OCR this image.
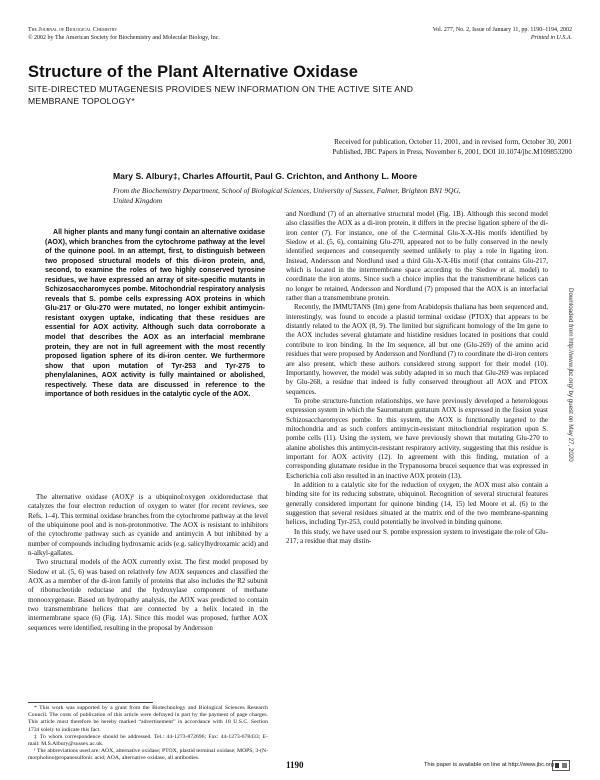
The Journal of Biological Chemistry
© 2002 by The American Society for Biochemistry and Molecular Biology, Inc.
Vol. 277, No. 2, Issue of January 11, pp. 1190–1194, 2002
Printed in U.S.A.
Structure of the Plant Alternative Oxidase
SITE-DIRECTED MUTAGENESIS PROVIDES NEW INFORMATION ON THE ACTIVE SITE AND MEMBRANE TOPOLOGY*
Received for publication, October 11, 2001, and in revised form, October 30, 2001
Published, JBC Papers in Press, November 6, 2001, DOI 10.1074/jbc.M109853200
Mary S. Albury‡, Charles Affourtit, Paul G. Crichton, and Anthony L. Moore
From the Biochemistry Department, School of Biological Sciences, University of Sussex, Falmer, Brighton BN1 9QG, United Kingdom
All higher plants and many fungi contain an alternative oxidase (AOX), which branches from the cytochrome pathway at the level of the quinone pool. In an attempt, first, to distinguish between two proposed structural models of this di-iron protein, and, second, to examine the roles of two highly conserved tyrosine residues, we have expressed an array of site-specific mutants in Schizosaccharomyces pombe. Mitochondrial respiratory analysis reveals that S. pombe cells expressing AOX proteins in which Glu-217 or Glu-270 were mutated, no longer exhibit antimycin-resistant oxygen uptake, indicating that these residues are essential for AOX activity. Although such data corroborate a model that describes the AOX as an interfacial membrane protein, they are not in full agreement with the most recently proposed ligation sphere of its di-iron center. We furthermore show that upon mutation of Tyr-253 and Tyr-275 to phenylalanines, AOX activity is fully maintained or abolished, respectively. These data are discussed in reference to the importance of both residues in the catalytic cycle of the AOX.

The alternative oxidase (AOX)¹ is a ubiquinol:oxygen oxidoreductase that catalyzes the four electron reduction of oxygen to water (for recent reviews, see Refs. 1–4). This terminal oxidase branches from the cytochrome pathway at the level of the ubiquinone pool and is non-protonmotive. The AOX is resistant to inhibitors of the cytochrome pathway such as cyanide and antimycin A but inhibited by a number of compounds including hydroxamic acids (e.g. salicylhydroxamic acid) and n-alkyl-gallates.

Two structural models of the AOX currently exist. The first model proposed by Siedow et al. (5, 6) was based on relatively few AOX sequences and classified the AOX as a member of the di-iron family of proteins that also includes the R2 subunit of ribonucleotide reductase and the hydroxylase component of methane monooxygenase. Based on hydropathy analysis, the AOX was predicted to contain two transmembrane helices that are connected by a helix located in the intermembrane space (6) (Fig. 1A). Since this model was proposed, further AOX sequences were identified, resulting in the proposal by Andersson

* This work was supported by a grant from the Biotechnology and Biological Sciences Research Council. The costs of publication of this article were defrayed in part by the payment of page charges. This article must therefore be hereby marked “advertisement” in accordance with 18 U.S.C. Section 1734 solely to indicate this fact.

‡ To whom correspondence should be addressed. Tel.: 44-1273-872696; Fax: 44-1273-678433; E-mail: M.S.Albury@sussex.ac.uk.

¹ The abbreviations used are: AOX, alternative oxidase; PTOX, plastid terminal oxidase; MOPS, 3-(N-morpholino)propanesulfonic acid; AOA, alternative oxidase, all antibodies.

and Nordlund (7) of an alternative structural model (Fig. 1B). Although this second model also classifies the AOX as a di-iron protein, it differs in the precise ligation sphere of the di-iron center (7). For instance, one of the C-terminal Glu-X-X-His motifs identified by Siedow et al. (5, 6), containing Glu-270, appeared not to be fully conserved in the newly identified sequences and consequently seemed unlikely to play a role in ligating iron. Instead, Andersson and Nordlund used a third Glu-X-X-His motif (that contains Glu-217, which is located in the intermembrane space according to the Siedow et al. model) to coordinate the iron atoms. Since such a choice implies that the transmembrane helices can no longer be retained, Andersson and Nordlund (7) proposed that the AOX is an interfacial rather than a transmembrane protein.

Recently, the IMMUTANS (Im) gene from Arabidopsis thaliana has been sequenced and, interestingly, was found to encode a plastid terminal oxidase (PTOX) that appears to be distantly related to the AOX (8, 9). The limited but significant homology of the Im gene to the AOX includes several glutamate and histidine residues located in positions that could contribute to iron binding. In the Im sequence, all but one (Glu-269) of the amino acid residues that were proposed by Andersson and Nordlund (7) to coordinate the di-iron centers are also present, which these authors considered strong support for their model (10). Importantly, however, the model was subtly adapted in so much that Glu-269 was replaced by Glu-268, a residue that indeed is fully conserved throughout all AOX and PTOX sequences.

To probe structure-function relationships, we have previously developed a heterologous expression system in which the Sauromatum guttatum AOX is expressed in the fission yeast Schizosaccharomyces pombe. In this system, the AOX is functionally targeted to the mitochondria and as such confers antimycin-resistant mitochondrial respiration upon S. pombe cells (11). Using the system, we have previously shown that mutating Glu-270 to alanine abolishes this antimycin-resistant respiratory activity, suggesting that this residue is important for AOX activity (12). In agreement with this finding, mutation of a corresponding glutamate residue in the Trypanosoma brucei sequence that was expressed in Escherichia coli also resulted in an inactive AOX protein (13).

In addition to a catalytic site for the reduction of oxygen, the AOX must also contain a binding site for its reducing substrate, ubiquinol. Recognition of several structural features generally considered important for quinone binding (14, 15) led Moore et al. (6) to the suggestion that several residues situated at the matrix end of the two membrane-spanning helices, including Tyr-253, could potentially be involved in binding quinone.

In this study, we have used our S. pombe expression system to investigate the role of Glu-217, a residue that may distin-

1190	This paper is available on line at http://www.jbc.org
Downloaded from http://www.jbc.org/ by guest on May 27, 2020
